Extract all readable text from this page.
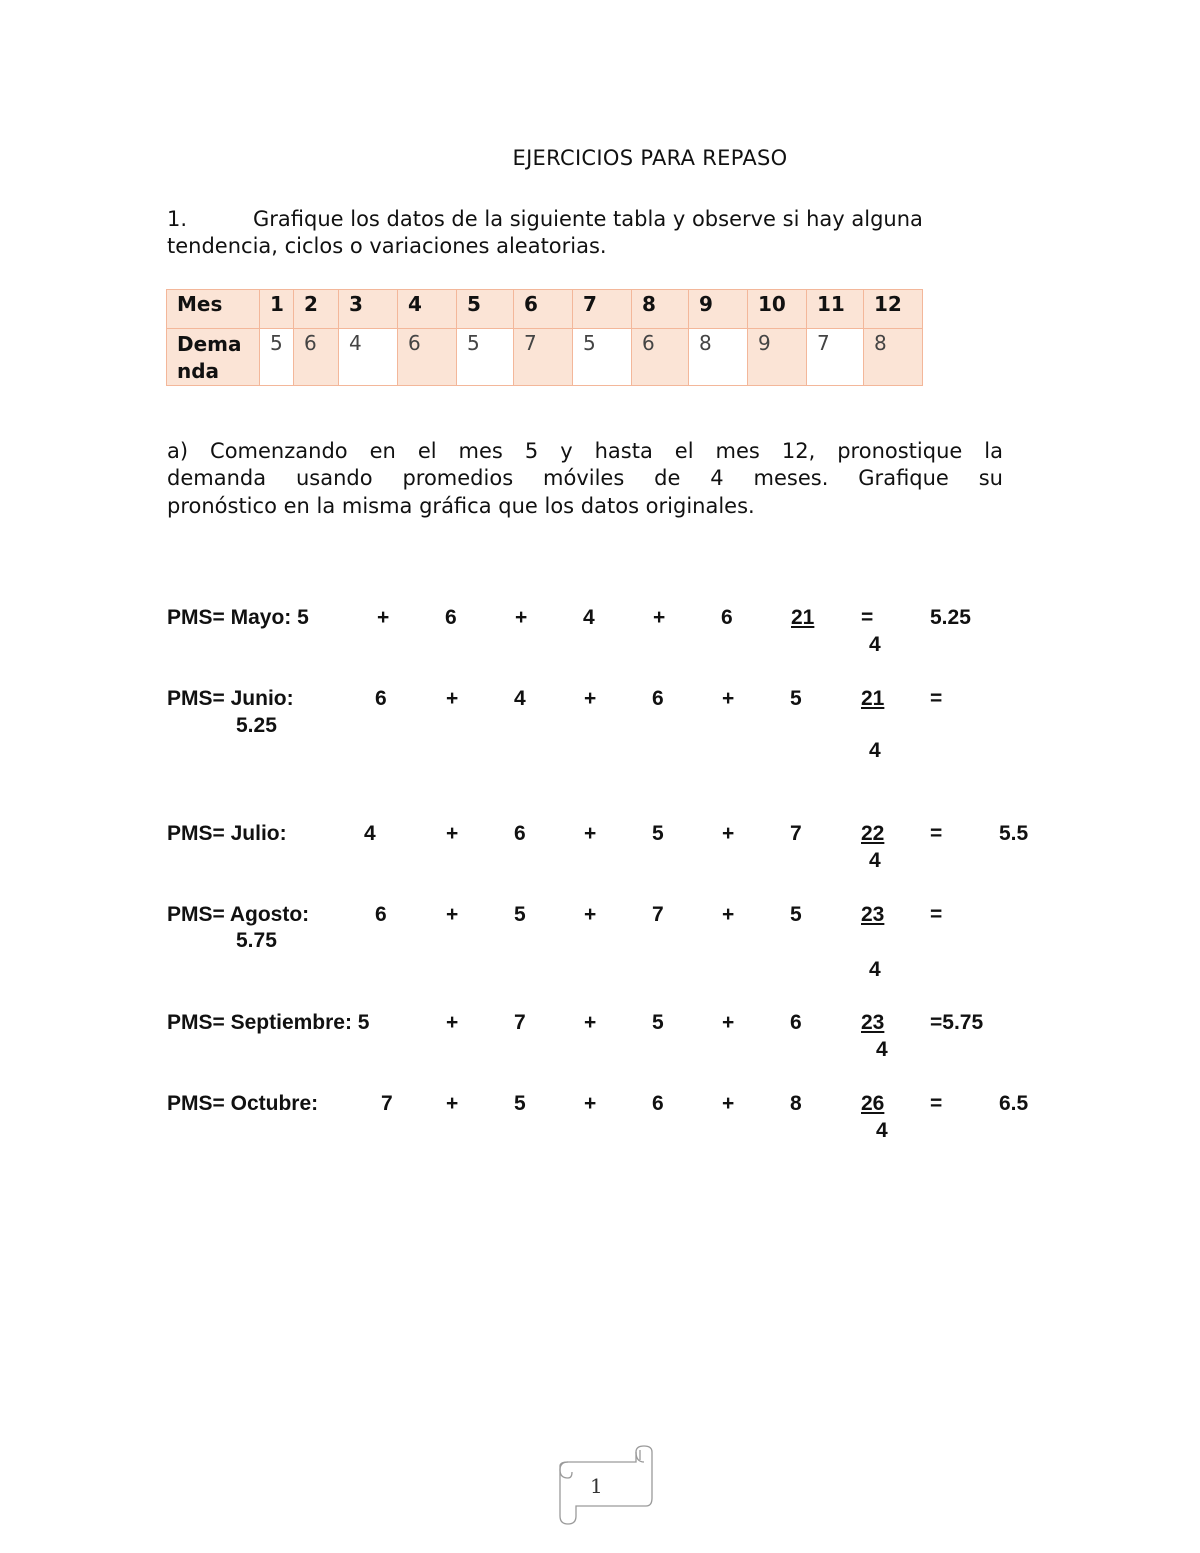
EJERCICIOS PARA REPASO
1.	Grafique los datos de la siguiente tabla y observe si hay alguna
tendencia, ciclos o variaciones aleatorias.
Mes	1	2	3	4	5	6	7	8	9	10	11	12
Dema
nda	5	6	4	6	5	7	5	6	8	9	7	8
a) Comenzando en el mes 5 y hasta el mes 12, pronostique la
demanda usando promedios móviles de 4 meses. Grafique su
pronóstico en la misma gráfica que los datos originales.
PMS= Mayo: 5	+	6	+	4	+	6	21 =	5.25
4
PMS= Junio:	6	+	4	+	6	+	5	21 =
5.25
4
PMS= Julio:	4	+	6	+	5	+	7	22 =	5.5
4
PMS= Agosto:	6	+	5	+	7	+	5	23 =
5.75
4
PMS= Septiembre: 5	+	7	+	5	+	6	23 =5.75
4
PMS= Octubre:	7	+	5	+	6	+	8	26 =	6.5
4
1
